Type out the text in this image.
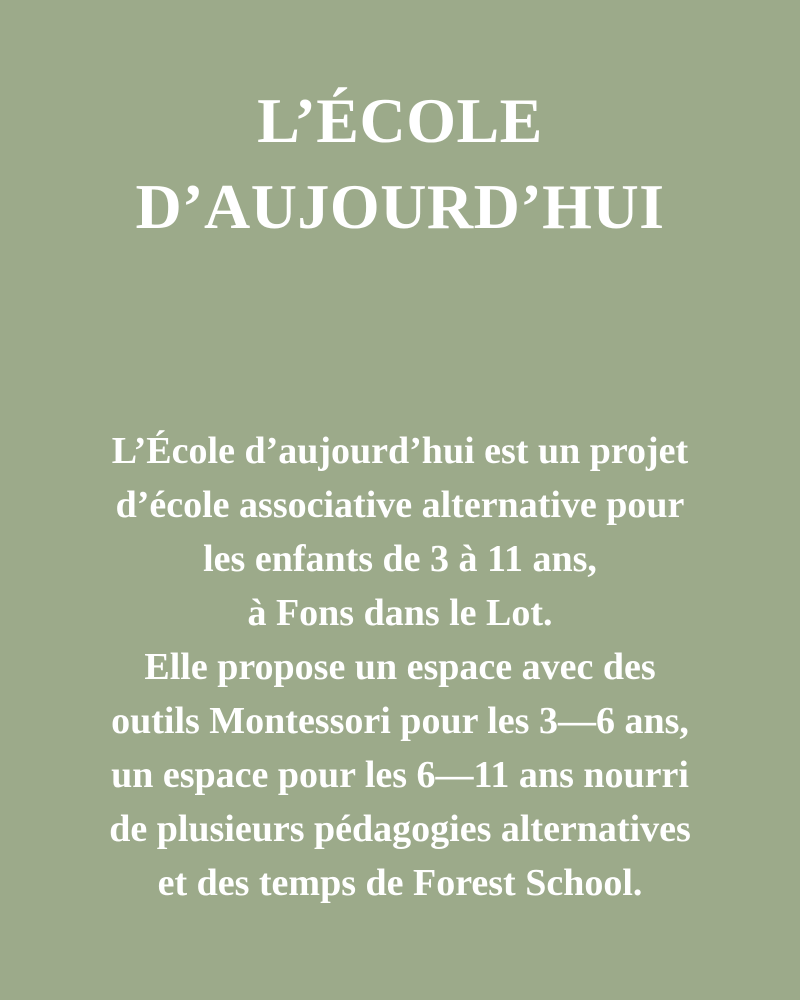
L’ÉCOLE
D’AUJOURD’HUI

L’École d’aujourd’hui est un projet
d’école associative alternative pour
les enfants de 3 à 11 ans,
à Fons dans le Lot.
Elle propose un espace avec des
outils Montessori pour les 3—6 ans,
un espace pour les 6—11 ans nourri
de plusieurs pédagogies alternatives
et des temps de Forest School.
